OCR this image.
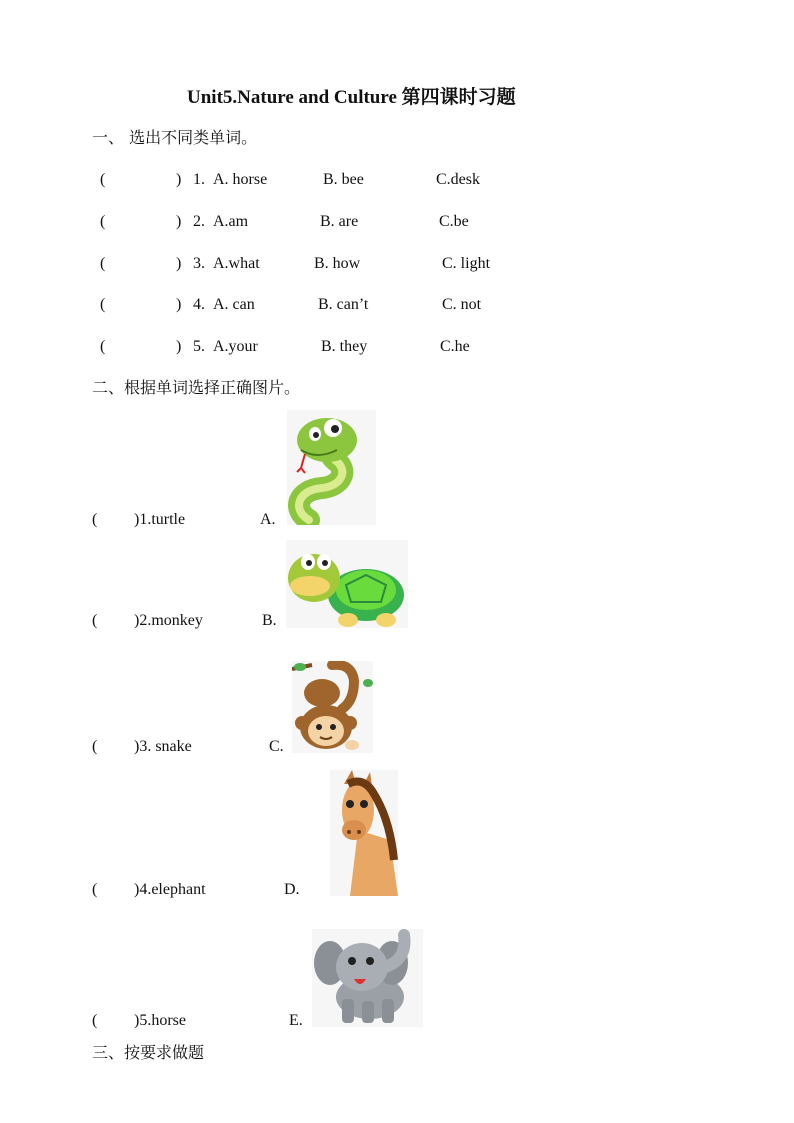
Unit5.Nature and Culture 第四课时习题
一、 选出不同类单词。
(	) 1. A. horse	B. bee	C.desk
(	) 2. A.am	B. are	C.be
(	) 3. A.what	B. how	C. light
(	) 4. A. can	B. can’t	C. not
(	) 5. A.your	B. they	C.he
二、根据单词选择正确图片。
( )1.turtle	A.
( )2.monkey	B.
( )3. snake	C.
( )4.elephant	D.
( )5.horse	E.
三、按要求做题
